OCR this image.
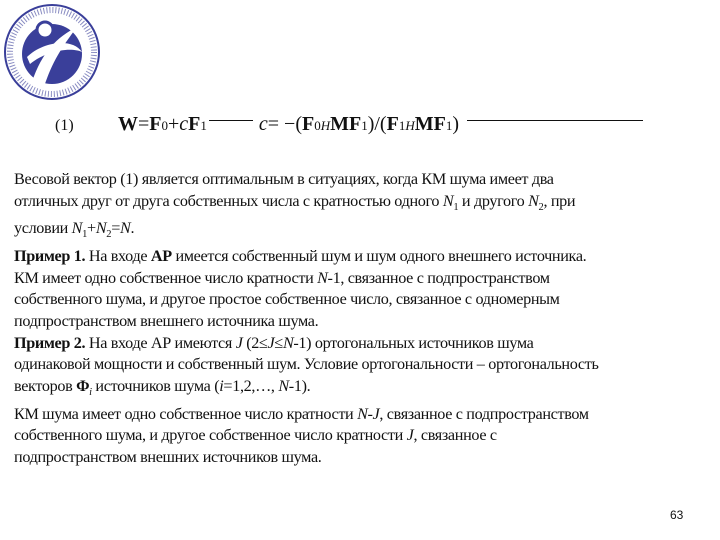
(1) W = F 0 + c F 1	c = −( F 0 H M F 1 )/( F 1 H M F 1 )
Весовой вектор (1) является оптимальным в ситуациях, когда КМ шума имеет два
отличных друг от друга собственных числа с кратностью одного $N_1$ и другого $N_2$, при
условии $N_1+N_2=N$.
Пример 1. На входе АР имеется собственный шум и шум одного внешнего источника.
КМ имеет одно собственное число кратности N-1, связанное с подпространством
собственного шума, и другое простое собственное число, связанное с одномерным
подпространством внешнего источника шума.
Пример 2. На входе АР имеются J (2≤J≤N-1) ортогональных источников шума
одинаковой мощности и собственный шум. Условие ортогональности – ортогональность
векторов $\Phi_i$ источников шума (i=1,2,…, N-1).
КМ шума имеет одно собственное число кратности N-J, связанное с подпространством
собственного шума, и другое собственное число кратности J, связанное с
подпространством внешних источников шума.
63
